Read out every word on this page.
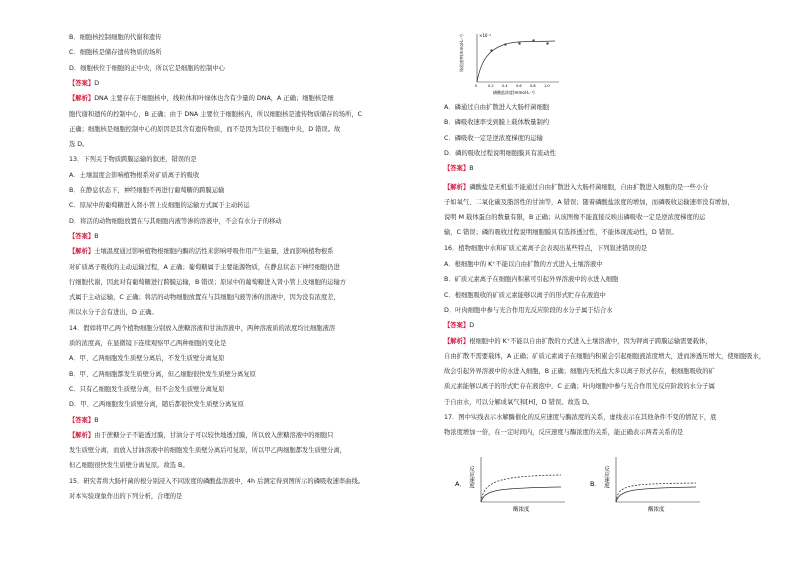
B．细胞核控制细胞的代谢和遗传
C．细胞核是储存遗传物质的场所
D．细胞核位于细胞的正中央，所以它是细胞的控制中心
【答案】D
【解析】DNA 主要存在于细胞核中，线粒体和叶绿体也含有少量的 DNA，A 正确；细胞核是细
胞代谢和遗传的控制中心，B 正确；由于 DNA 主要位于细胞核内，所以细胞核是遗传物质储存的场所，C
正确；细胞核是细胞控制中心的原因是其含有遗传物质，而不是因为其位于细胞中央，D 错误。故
选 D。
13．下列关于物质跨膜运输的叙述，错误的是
A．土壤温度会影响植物根系对矿质离子的吸收
B．在静息状态下，神经细胞不再进行葡萄糖的跨膜运输
C．原尿中的葡萄糖进入肾小管上皮细胞的运输方式属于主动转运
D．将活的动物细胞放置在与其细胞内液等渗的溶液中，不会有水分子的移动
【答案】B
【解析】土壤温度通过影响植物根细胞内酶的活性来影响呼吸作用产生能量，进而影响植物根系
对矿质离子吸收的主动运输过程，A 正确；葡萄糖属于主要能源物质，在静息状态下神经细胞仍进
行细胞代谢，因此对有葡萄糖进行跨膜运输，B 错误；原尿中的葡萄糖进入肾小管上皮细胞的运输方
式属于主动运输，C 正确；将活的动物细胞放置在与其细胞内液等渗的溶液中，因为没有浓度差，
所以水分子会有进出，D 正确。
14．假如将甲乙两个植物细胞分别放入蔗糖溶液和甘油溶液中，两种溶液质的浓度均比细胞液溶
质的浓度高，在显微镜下连续观察甲乙两种细胞的变化是
A．甲、乙两细胞发生质壁分离后，不发生质壁分离复原
B．甲、乙两细胞都发生质壁分离，但乙细胞很快发生质壁分离复原
C．只有乙细胞发生质壁分离，但不会发生质壁分离复原
D．甲、乙两细胞发生质壁分离，随后都很快发生质壁分离复原
【答案】B
【解析】由于蔗糖分子不能透过膜，甘油分子可以较快地透过膜，所以放入蔗糖溶液中的细胞只
发生质壁分离，而放入甘油溶液中的细胞发生质壁分离后可复原，所以甲乙两细胞都发生质壁分离，
但乙细胞很快发生质壁分离复原。故选 B。
15．研究者将大肠杆菌的根分别浸入不同浓度的磷酸盐溶液中，4h 后测定得到图所示的磷吸收速率曲线。
对本实验现象作出的下列分析，合理的是
A．磷通过自由扩散进入大肠杆菌细胞
B．磷吸收速率受到膜上载体数量制约
C．磷吸收一定是逆浓度梯度的运输
D．磷的吸收过程说明细胞膜具有流动性
【答案】B
【解析】磷酸盐是无机盐不能通过自由扩散进入大肠杆菌细胞，自由扩散进入细胞的是一些小分
子如氧气、二氧化碳及脂溶性的甘油等，A 错误；随着磷酸盐浓度的增加，而磷吸收运输速率没有增加，
说明 M 载体蛋白的数量有限，B 正确；从该图像不能直接反映出磷吸收一定是逆浓度梯度的运
输，C 错误；磷的吸收过程说明细胞膜具有选择透过性，不能体现流动性，D 错误。
16．植物细胞中水和矿质元素离子会表现出某些特点，下列叙述错误的是
A．根细胞中的 K⁺不能以自由扩散的方式进入土壤溶液中
B．矿质元素离子在细胞内积累可引起外界溶液中的水进入细胞
C．根细胞吸收的矿质元素能够以离子的形式贮存在液泡中
D．叶肉细胞中参与光合作用光反应阶段的水分子属于结合水
【答案】D
【解析】根细胞中的 K⁺不能以自由扩散的方式进入土壤溶液中，因为钾离子跨膜运输需要载体，
自由扩散不需要载体，A 正确；矿质元素离子在细胞内积累会引起细胞液浓度增大，进而渗透压增大，使细胞吸水，
故会引起外界溶液中的水进入细胞，B 正确；细胞内无机盐大多以离子形式存在，根细胞吸收的矿
质元素能够以离子的形式贮存在液泡中，C 正确；叶肉细胞中参与光合作用光反应阶段的水分子属
于自由水，可以分解成氧气和[H]，D 错误。故选 D。
17．图中实线表示水解酶催化的反应速度与酶浓度的关系，虚线表示在其他条件不变的情况下，底
物浓度增加一倍，在一定时间内，反应速度与酶浓度的关系，能正确表示两者关系的是
×10⁻³
吸收速率(mmol·L⁻¹)
0	0.2 0.4 0.6 0.8 1.0
磷酸盐浓度(mmol·L⁻¹)
A． 反应速度
酶浓度
B． 反应速度
酶浓度
